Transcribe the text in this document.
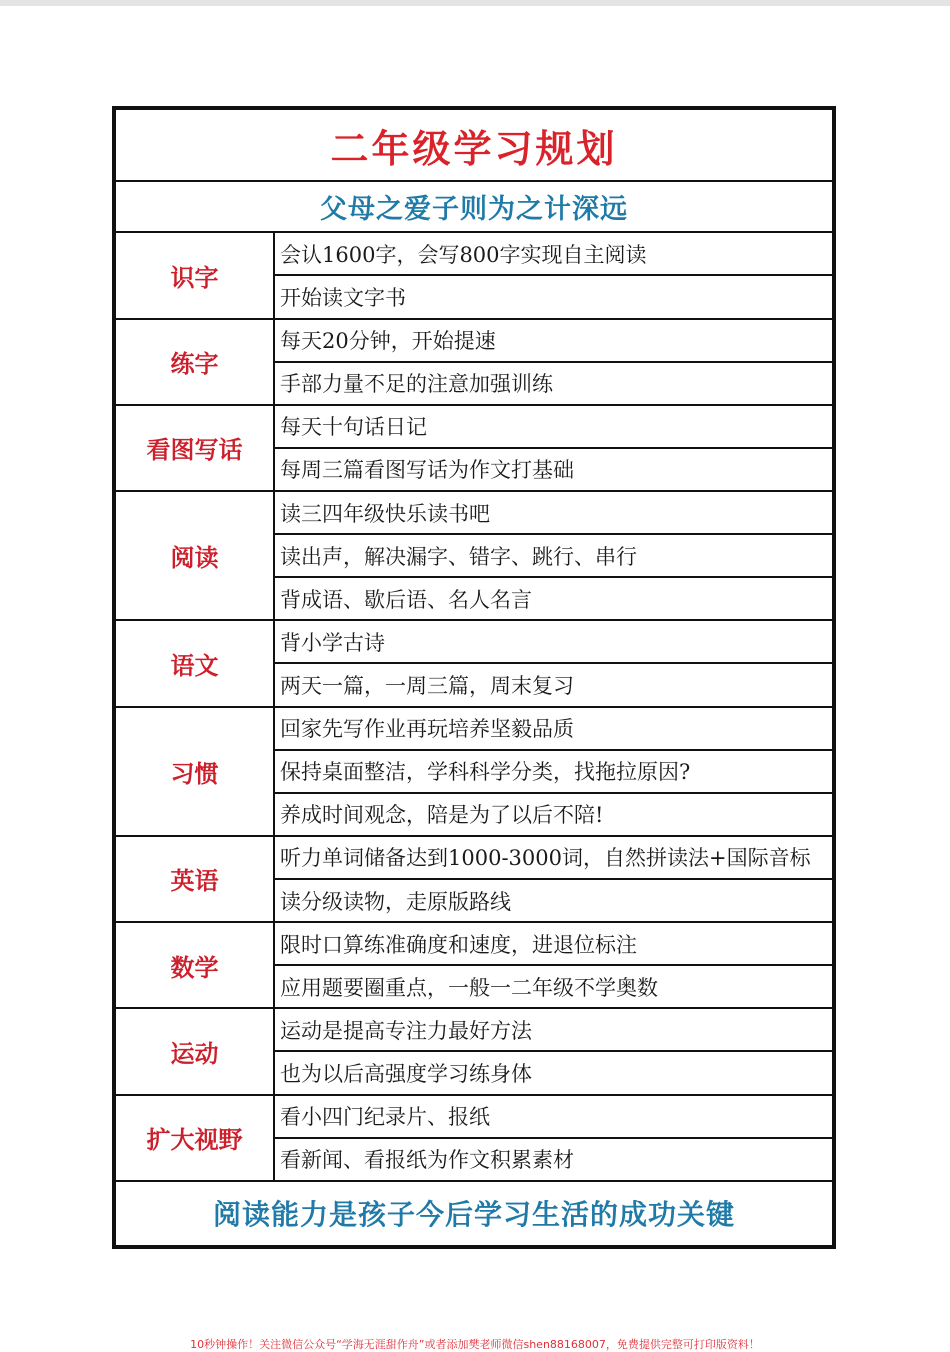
二年级学习规划	
父母之爱子则为之计深远	
识字	会认1600字，会写800字实现自主阅读
	开始读文字书
练字	每天20分钟，开始提速
	手部力量不足的注意加强训练
看图写话	每天十句话日记
	每周三篇看图写话为作文打基础
阅读	读三四年级快乐读书吧
	读出声，解决漏字、错字、跳行、串行
	背成语、歇后语、名人名言
语文	背小学古诗
	两天一篇，一周三篇，周末复习
习惯	回家先写作业再玩培养坚毅品质
	保持桌面整洁，学科科学分类，找拖拉原因?
	养成时间观念，陪是为了以后不陪!
英语	听力单词储备达到1000-3000词，自然拼读法+国际音标
	读分级读物，走原版路线
数学	限时口算练准确度和速度，进退位标注
	应用题要圈重点，一般一二年级不学奥数
运动	运动是提高专注力最好方法
	也为以后高强度学习练身体
扩大视野	看小四门纪录片、报纸
	看新闻、看报纸为作文积累素材
阅读能力是孩子今后学习生活的成功关键	
10秒钟操作！关注微信公众号“学海无涯甜作舟”或者添加樊老师微信shen88168007，免费提供完整可打印版资料！
